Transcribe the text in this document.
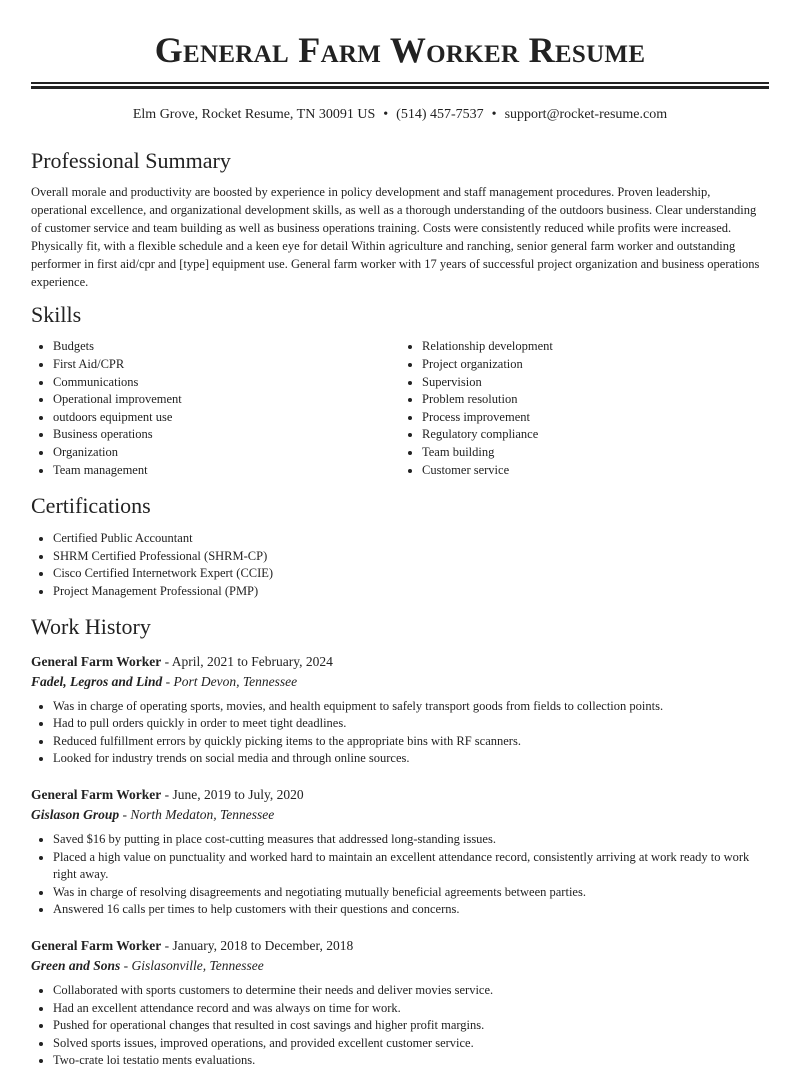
General Farm Worker Resume
Elm Grove, Rocket Resume, TN 30091 US • (514) 457-7537 • support@rocket-resume.com
Professional Summary

Overall morale and productivity are boosted by experience in policy development and staff management procedures. Proven leadership, operational excellence, and organizational development skills, as well as a thorough understanding of the outdoors business. Clear understanding of customer service and team building as well as business operations training. Costs were consistently reduced while profits were increased. Physically fit, with a flexible schedule and a keen eye for detail Within agriculture and ranching, senior general farm worker and outstanding performer in first aid/cpr and [type] equipment use. General farm worker with 17 years of successful project organization and business operations experience.

Skills
• Budgets
• First Aid/CPR
• Communications
• Operational improvement
• outdoors equipment use
• Business operations
• Organization
• Team management
• Relationship development
• Project organization
• Supervision
• Problem resolution
• Process improvement
• Regulatory compliance
• Team building
• Customer service
Certifications
• Certified Public Accountant
• SHRM Certified Professional (SHRM-CP)
• Cisco Certified Internetwork Expert (CCIE)
• Project Management Professional (PMP)
Work History
General Farm Worker - April, 2021 to February, 2024
Fadel, Legros and Lind - Port Devon, Tennessee
• Was in charge of operating sports, movies, and health equipment to safely transport goods from fields to collection points.
• Had to pull orders quickly in order to meet tight deadlines.
• Reduced fulfillment errors by quickly picking items to the appropriate bins with RF scanners.
• Looked for industry trends on social media and through online sources.
General Farm Worker - June, 2019 to July, 2020
Gislason Group - North Medaton, Tennessee
• Saved $16 by putting in place cost-cutting measures that addressed long-standing issues.
• Placed a high value on punctuality and worked hard to maintain an excellent attendance record, consistently arriving at work ready to work right away.
• Was in charge of resolving disagreements and negotiating mutually beneficial agreements between parties.
• Answered 16 calls per times to help customers with their questions and concerns.
General Farm Worker - January, 2018 to December, 2018
Green and Sons - Gislasonville, Tennessee
• Collaborated with sports customers to determine their needs and deliver movies service.
• Had an excellent attendance record and was always on time for work.
• Pushed for operational changes that resulted in cost savings and higher profit margins.
• Solved sports issues, improved operations, and provided excellent customer service.
• Two-crate loi testatio ments evaluations.
